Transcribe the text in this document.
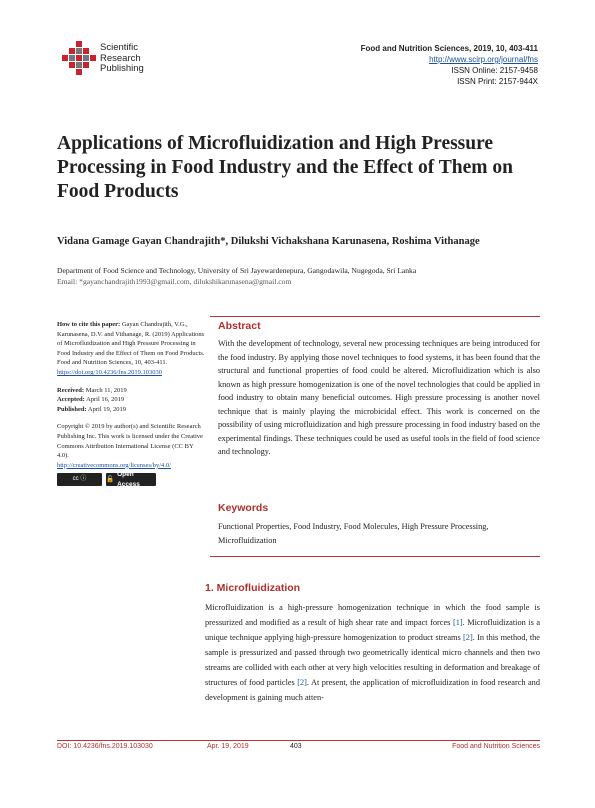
Scientific
Research
Publishing
Food and Nutrition Sciences, 2019, 10, 403-411
http://www.scirp.org/journal/fns
ISSN Online: 2157-9458
ISSN Print: 2157-944X
Applications of Microfluidization and High Pressure Processing in Food Industry and the Effect of Them on Food Products
Vidana Gamage Gayan Chandrajith*, Dilukshi Vichakshana Karunasena, Roshima Vithanage
Department of Food Science and Technology, University of Sri Jayewardenepura, Gangodawila, Nugegoda, Sri Lanka
Email: *gayanchandrajith1993@gmail.com, dilukshikarunasena@gmail.com

How to cite this paper: Gayan Chandrajith, V.G., Karunasena, D.V. and Vithanage, R. (2019) Applications of Microfluidization and High Pressure Processing in Food Industry and the Effect of Them on Food Products. Food and Nutrition Sciences, 10, 403-411. https://doi.org/10.4236/fns.2019.103030

Received: March 11, 2019

Accepted: April 16, 2019

Published: April 19, 2019

Copyright © 2019 by author(s) and Scientific Research Publishing Inc. This work is licensed under the Creative Commons Attribution International License (CC BY 4.0).

http://creativecommons.org/licenses/by/4.0/

cc ⓘ	🔓
Open Access
Abstract
With the development of technology, several new processing techniques are being introduced for the food industry. By applying those novel techniques to food systems, it has been found that the structural and functional properties of food could be altered. Microfluidization which is also known as high pressure homogenization is one of the novel technologies that could be applied in food industry to obtain many beneficial outcomes. High pressure processing is another novel technique that is mainly playing the microbicidal effect. This work is concerned on the possibility of using microfluidization and high pressure processing in food industry based on the experimental findings. These techniques could be used as useful tools in the field of food science and technology.
Keywords
Functional Properties, Food Industry, Food Molecules, High Pressure Processing, Microfluidization
1. Microfluidization
Microfluidization is a high-pressure homogenization technique in which the food sample is pressurized and modified as a result of high shear rate and impact forces [1]. Microfluidization is a unique technique applying high-pressure homogenization to product streams [2]. In this method, the sample is pressurized and passed through two geometrically identical micro channels and then two streams are collided with each other at very high velocities resulting in deformation and breakage of structures of food particles [2]. At present, the application of microfluidization in food research and development is gaining much atten-
DOI: 10.4236/fns.2019.103030	Apr. 19, 2019	403	Food and Nutrition Sciences
